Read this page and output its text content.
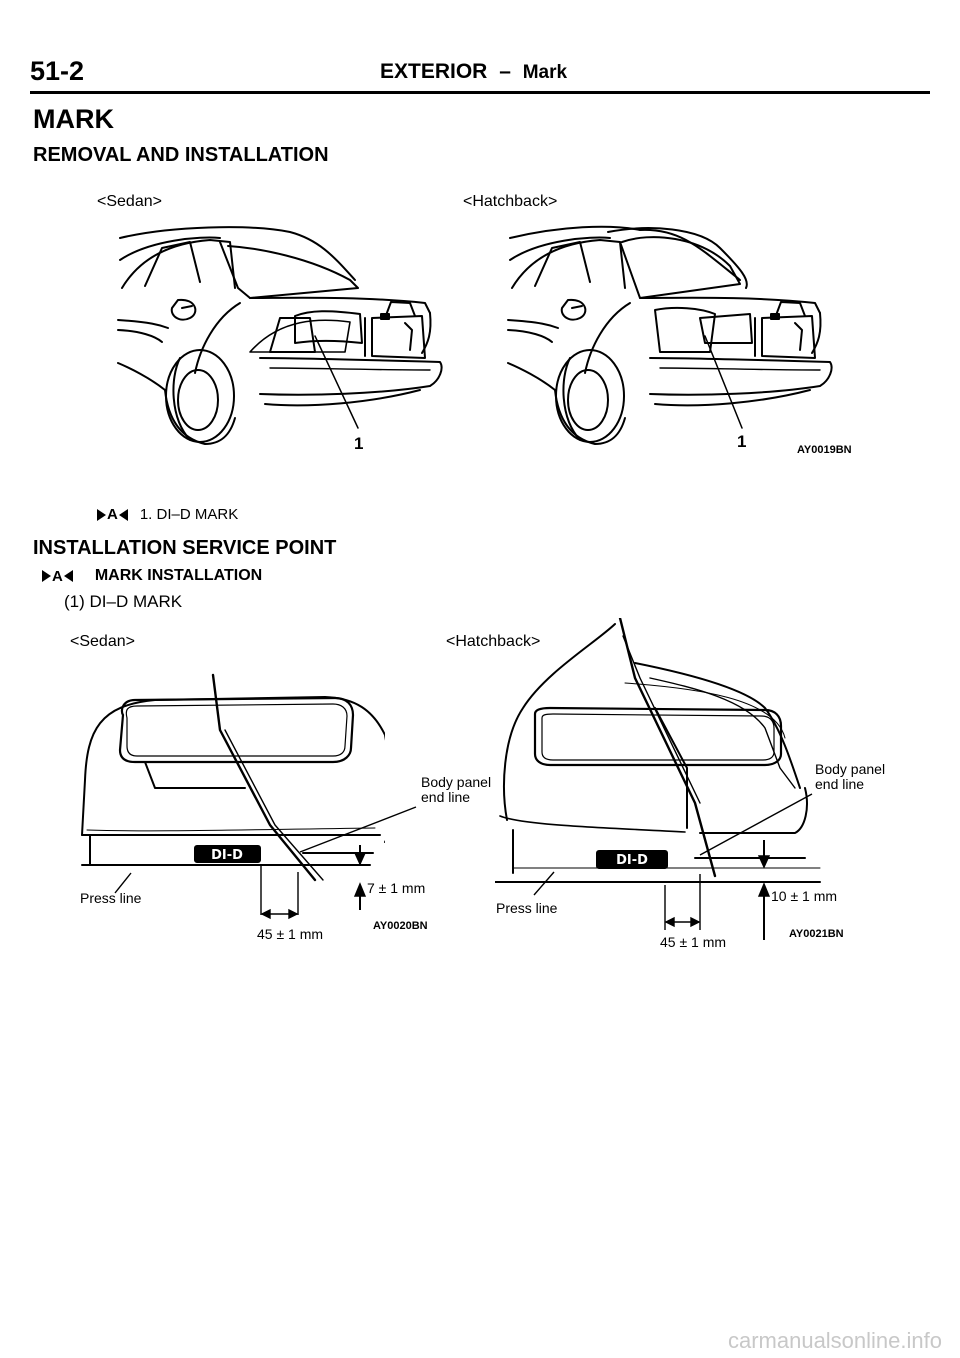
51-2	EXTERIOR – Mark
MARK
REMOVAL AND INSTALLATION
<Sedan>	<Hatchback>
1	1	AY0019BN
A 1. DI–D MARK
INSTALLATION SERVICE POINT
A MARK INSTALLATION
(1) DI–D MARK
<Sedan>	<Hatchback>
DI-D
Body panel
end line
7 ± 1 mm
45 ± 1 mm
Press line
AY0020BN
DI-D
Body panel
end line
10 ± 1 mm
45 ± 1 mm
Press line
AY0021BN
carmanualsonline.info
